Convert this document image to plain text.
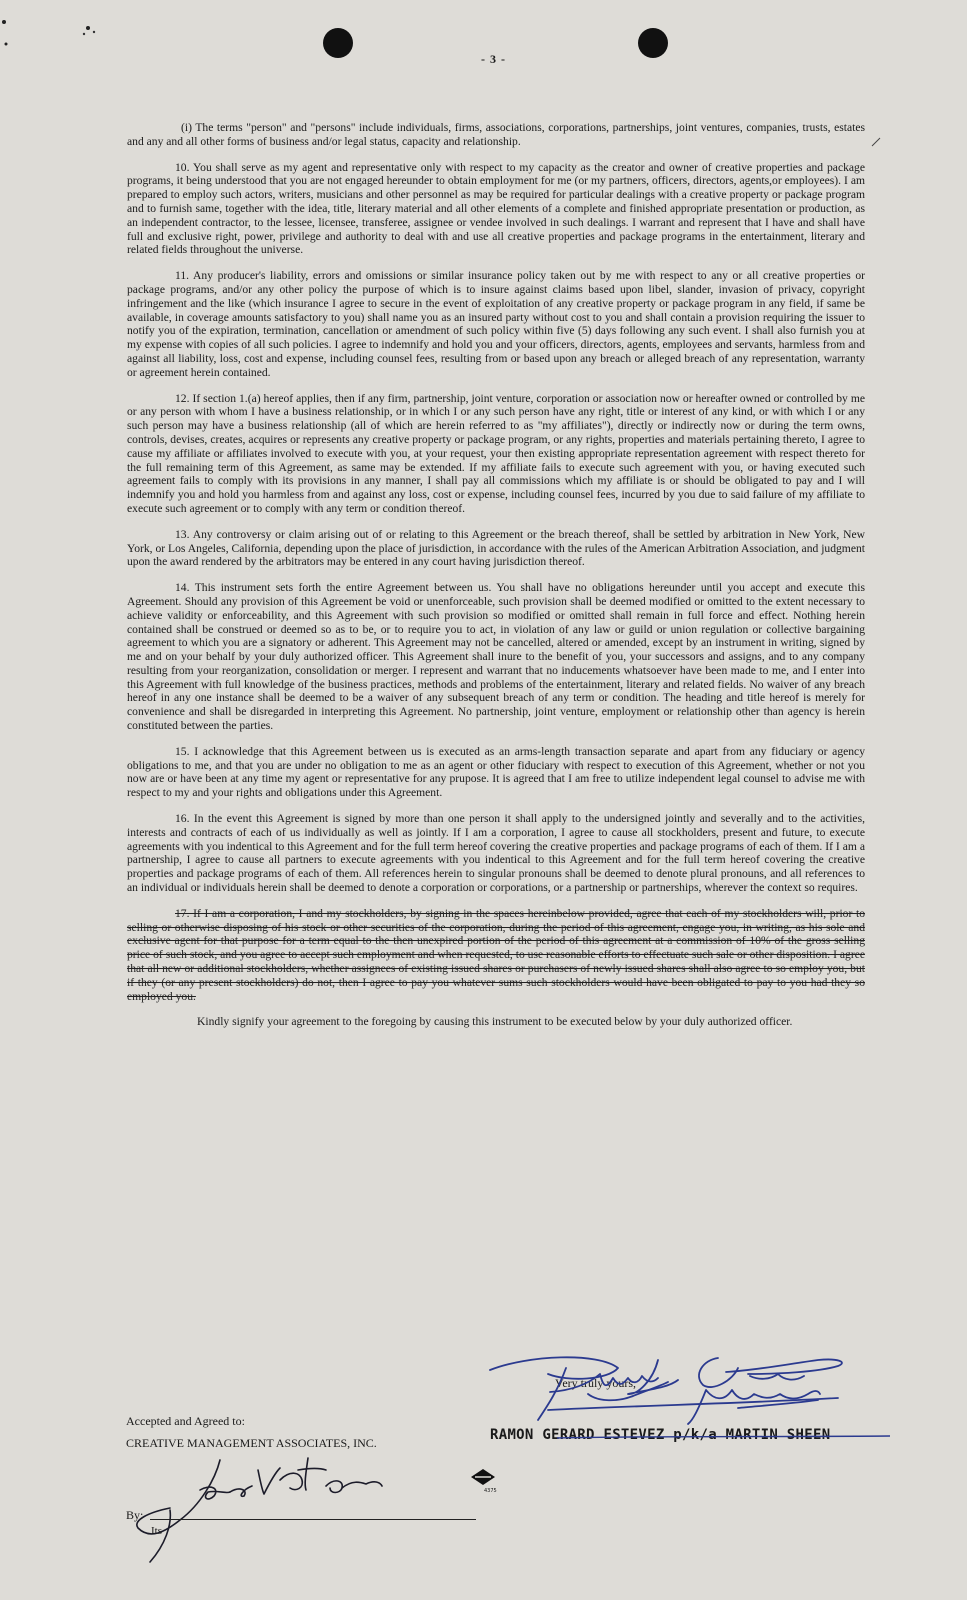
- 3 -

(i) The terms "person" and "persons" include individuals, firms, associations, corporations, partnerships, joint ventures, companies, trusts, estates and any and all other forms of business and/or legal status, capacity and relationship.

10. You shall serve as my agent and representative only with respect to my capacity as the creator and owner of creative properties and package programs, it being understood that you are not engaged hereunder to obtain employment for me (or my partners, officers, directors, agents,or employees). I am prepared to employ such actors, writers, musicians and other personnel as may be required for particular dealings with a creative property or package program and to furnish same, together with the idea, title, literary material and all other elements of a complete and finished appropriate presentation or production, as an independent contractor, to the lessee, licensee, transferee, assignee or vendee involved in such dealings. I warrant and represent that I have and shall have full and exclusive right, power, privilege and authority to deal with and use all creative properties and package programs in the entertainment, literary and related fields throughout the universe.

11. Any producer's liability, errors and omissions or similar insurance policy taken out by me with respect to any or all creative properties or package programs, and/or any other policy the purpose of which is to insure against claims based upon libel, slander, invasion of privacy, copyright infringement and the like (which insurance I agree to secure in the event of exploitation of any creative property or package program in any field, if same be available, in coverage amounts satisfactory to you) shall name you as an insured party without cost to you and shall contain a provision requiring the issuer to notify you of the expiration, termination, cancellation or amendment of such policy within five (5) days following any such event. I shall also furnish you at my expense with copies of all such policies. I agree to indemnify and hold you and your officers, directors, agents, employees and servants, harmless from and against all liability, loss, cost and expense, including counsel fees, resulting from or based upon any breach or alleged breach of any representation, warranty or agreement herein contained.

12. If section 1.(a) hereof applies, then if any firm, partnership, joint venture, corporation or association now or hereafter owned or controlled by me or any person with whom I have a business relationship, or in which I or any such person have any right, title or interest of any kind, or with which I or any such person may have a business relationship (all of which are herein referred to as "my affiliates"), directly or indirectly now or during the term owns, controls, devises, creates, acquires or represents any creative property or package program, or any rights, properties and materials pertaining thereto, I agree to cause my affiliate or affiliates involved to execute with you, at your request, your then existing appropriate representation agreement with respect thereto for the full remaining term of this Agreement, as same may be extended. If my affiliate fails to execute such agreement with you, or having executed such agreement fails to comply with its provisions in any manner, I shall pay all commissions which my affiliate is or should be obligated to pay and I will indemnify you and hold you harmless from and against any loss, cost or expense, including counsel fees, incurred by you due to said failure of my affiliate to execute such agreement or to comply with any term or condition thereof.

13. Any controversy or claim arising out of or relating to this Agreement or the breach thereof, shall be settled by arbitration in New York, New York, or Los Angeles, California, depending upon the place of jurisdiction, in accordance with the rules of the American Arbitration Association, and judgment upon the award rendered by the arbitrators may be entered in any court having jurisdiction thereof.

14. This instrument sets forth the entire Agreement between us. You shall have no obligations hereunder until you accept and execute this Agreement. Should any provision of this Agreement be void or unenforceable, such provision shall be deemed modified or omitted to the extent necessary to achieve validity or enforceability, and this Agreement with such provision so modified or omitted shall remain in full force and effect. Nothing herein contained shall be construed or deemed so as to be, or to require you to act, in violation of any law or guild or union regulation or collective bargaining agreement to which you are a signatory or adherent. This Agreement may not be cancelled, altered or amended, except by an instrument in writing, signed by me and on your behalf by your duly authorized officer. This Agreement shall inure to the benefit of you, your successors and assigns, and to any company resulting from your reorganization, consolidation or merger. I represent and warrant that no inducements whatsoever have been made to me, and I enter into this Agreement with full knowledge of the business practices, methods and problems of the entertainment, literary and related fields. No waiver of any breach hereof in any one instance shall be deemed to be a waiver of any subsequent breach of any term or condition. The heading and title hereof is merely for convenience and shall be disregarded in interpreting this Agreement. No partnership, joint venture, employment or relationship other than agency is herein constituted between the parties.

15. I acknowledge that this Agreement between us is executed as an arms-length transaction separate and apart from any fiduciary or agency obligations to me, and that you are under no obligation to me as an agent or other fiduciary with respect to execution of this Agreement, whether or not you now are or have been at any time my agent or representative for any prupose. It is agreed that I am free to utilize independent legal counsel to advise me with respect to my and your rights and obligations under this Agreement.

16. In the event this Agreement is signed by more than one person it shall apply to the undersigned jointly and severally and to the activities, interests and contracts of each of us individually as well as jointly. If I am a corporation, I agree to cause all stockholders, present and future, to execute agreements with you indentical to this Agreement and for the full term hereof covering the creative properties and package programs of each of them. If I am a partnership, I agree to cause all partners to execute agreements with you indentical to this Agreement and for the full term hereof covering the creative properties and package programs of each of them. All references herein to singular pronouns shall be deemed to denote plural pronouns, and all references to an individual or individuals herein shall be deemed to denote a corporation or corporations, or a partnership or partnerships, wherever the context so requires.

17. If I am a corporation, I and my stockholders, by signing in the spaces hereinbelow provided, agree that each of my stockholders will, prior to selling or otherwise disposing of his stock or other securities of the corporation, during the period of this agreement, engage you, in writing, as his sole and exclusive agent for that purpose for a term equal to the then unexpired portion of the period of this agreement at a commission of 10% of the gross selling price of such stock, and you agree to accept such employment and when requested, to use reasonable efforts to effectuate such sale or other disposition. I agree that all new or additional stockholders, whether assignees of existing issued shares or purchasers of newly issued shares shall also agree to so employ you, but if they (or any present stockholders) do not, then I agree to pay you whatever sums such stockholders would have been obligated to pay to you had they so employed you.

Kindly signify your agreement to the foregoing by causing this instrument to be executed below by your duly authorized officer.

Very truly yours,
RAMON GERARD ESTEVEZ p/k/a MARTIN SHEEN
Accepted and Agreed to:
CREATIVE MANAGEMENT ASSOCIATES, INC.
4375
By:
Its
